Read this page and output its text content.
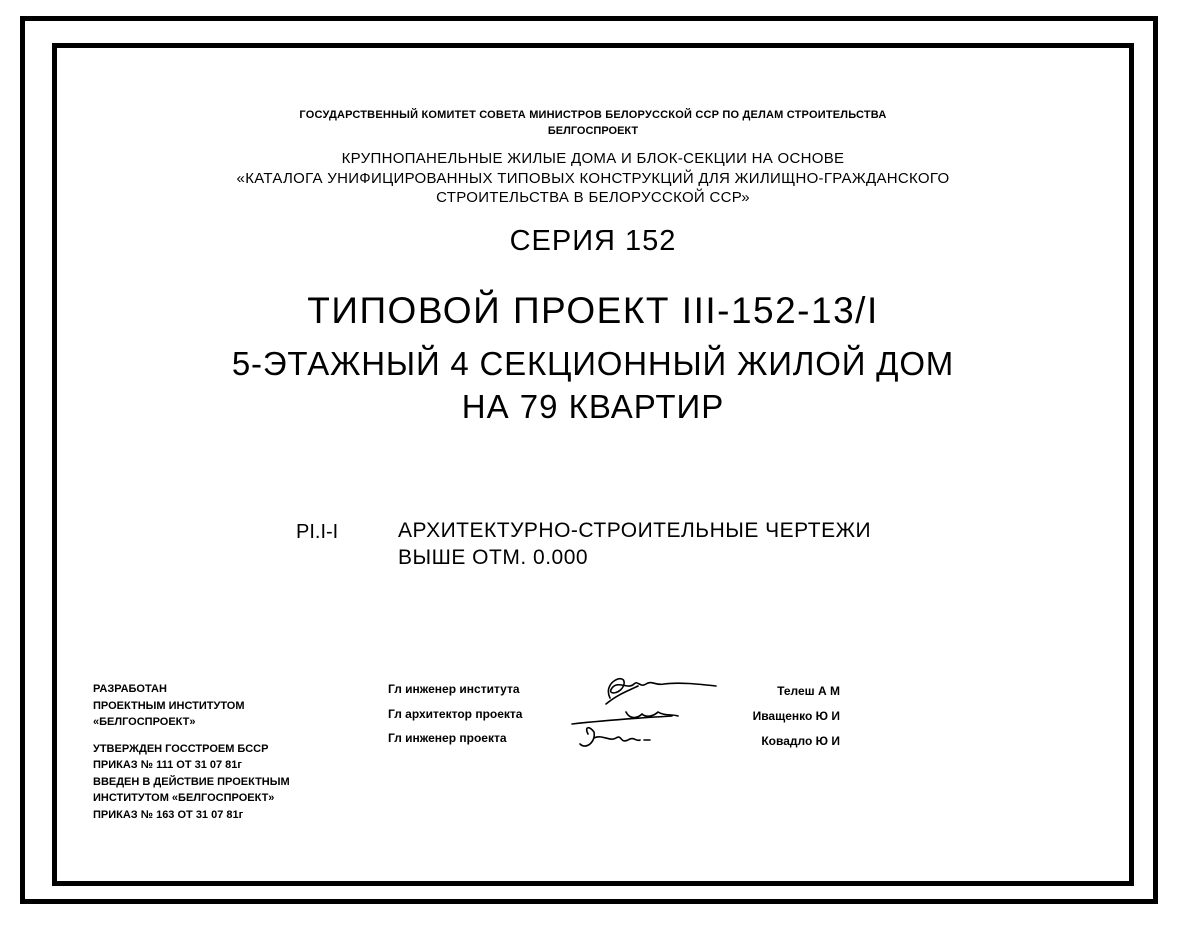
ГОСУДАРСТВЕННЫЙ КОМИТЕТ СОВЕТА МИНИСТРОВ БЕЛОРУССКОЙ ССР ПО ДЕЛАМ СТРОИТЕЛЬСТВА
БЕЛГОСПРОЕКТ
КРУПНОПАНЕЛЬНЫЕ ЖИЛЫЕ ДОМА И БЛОК-СЕКЦИИ НА ОСНОВЕ
«КАТАЛОГА УНИФИЦИРОВАННЫХ ТИПОВЫХ КОНСТРУКЦИЙ ДЛЯ ЖИЛИЩНО-ГРАЖДАНСКОГО
СТРОИТЕЛЬСТВА В БЕЛОРУССКОЙ ССР»
СЕРИЯ 152
ТИПОВОЙ ПРОЕКТ III-152-13/I
5-ЭТАЖНЫЙ 4 СЕКЦИОННЫЙ ЖИЛОЙ ДОМ
НА 79 КВАРТИР
PI.I-I	АРХИТЕКТУРНО-СТРОИТЕЛЬНЫЕ ЧЕРТЕЖИ
ВЫШЕ ОТМ. 0.000
РАЗРАБОТАН
ПРОЕКТНЫМ ИНСТИТУТОМ
«БЕЛГОСПРОЕКТ»
УТВЕРЖДЕН ГОССТРОЕМ БССР
ПРИКАЗ № 111 ОТ 31 07 81г
ВВЕДЕН В ДЕЙСТВИЕ ПРОЕКТНЫМ
ИНСТИТУТОМ «БЕЛГОСПРОЕКТ»
ПРИКАЗ № 163 ОТ 31 07 81г
Гл инженер института
Гл архитектор проекта
Гл инженер проекта
Телеш А М
Иващенко Ю И
Ковадло Ю И
